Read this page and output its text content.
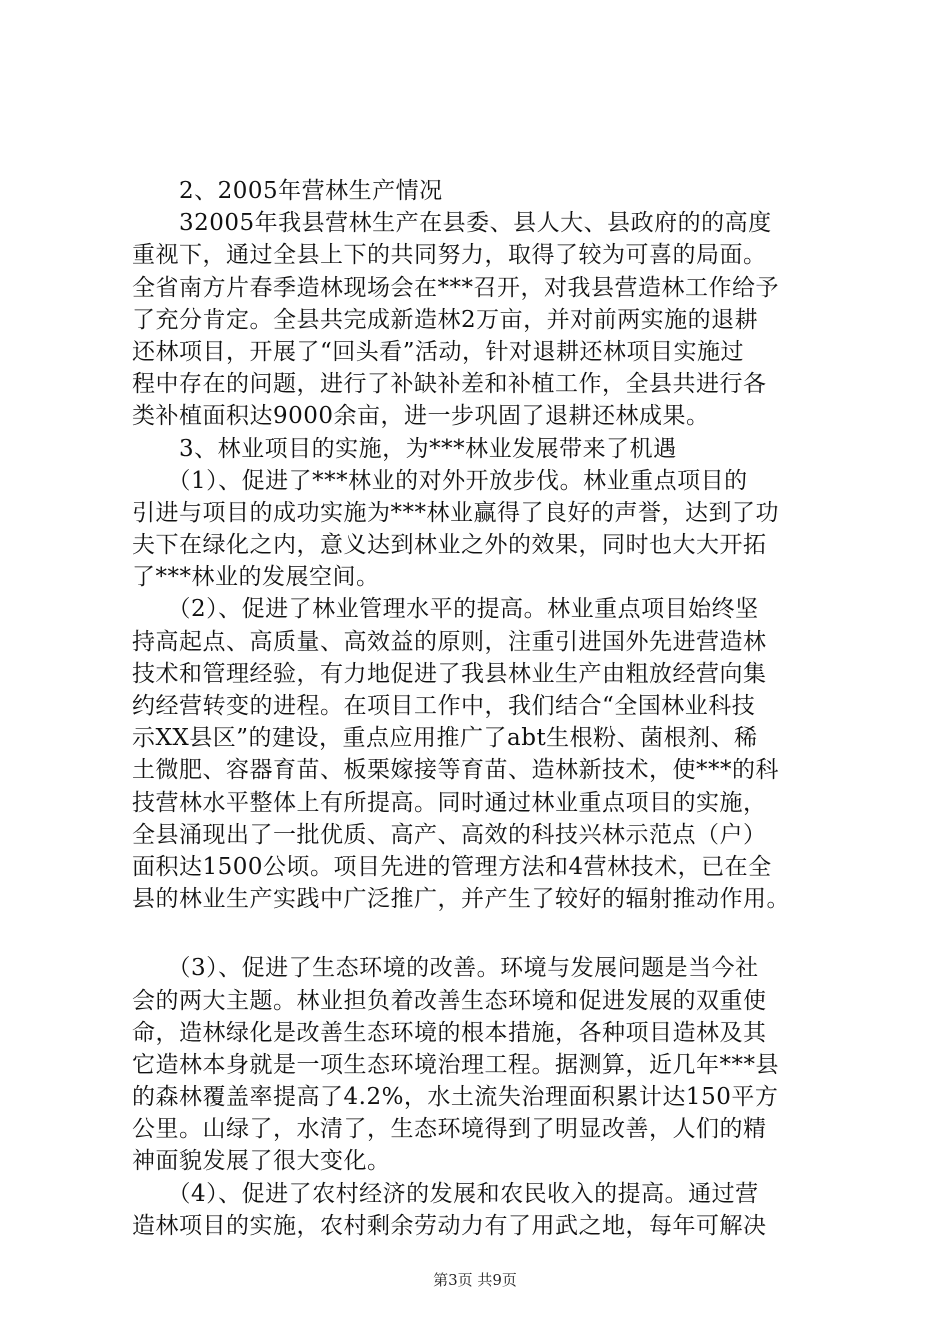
　　2、2005年营林生产情况
　　32005年我县营林生产在县委、县人大、县政府的的高度
重视下，通过全县上下的共同努力，取得了较为可喜的局面。
全省南方片春季造林现场会在***召开，对我县营造林工作给予
了充分肯定。全县共完成新造林2万亩，并对前两实施的退耕
还林项目，开展了“回头看”活动，针对退耕还林项目实施过
程中存在的问题，进行了补缺补差和补植工作，全县共进行各
类补植面积达9000余亩，进一步巩固了退耕还林成果。
　　3、林业项目的实施，为***林业发展带来了机遇
　　（1）、促进了***林业的对外开放步伐。林业重点项目的
引进与项目的成功实施为***林业赢得了良好的声誉，达到了功
夫下在绿化之内，意义达到林业之外的效果，同时也大大开拓
了***林业的发展空间。
　　（2）、促进了林业管理水平的提高。林业重点项目始终坚
持高起点、高质量、高效益的原则，注重引进国外先进营造林
技术和管理经验，有力地促进了我县林业生产由粗放经营向集
约经营转变的进程。在项目工作中，我们结合“全国林业科技
示XX县区”的建设，重点应用推广了abt生根粉、菌根剂、稀
土微肥、容器育苗、板栗嫁接等育苗、造林新技术，使***的科
技营林水平整体上有所提高。同时通过林业重点项目的实施，
全县涌现出了一批优质、高产、高效的科技兴林示范点（户）
面积达1500公顷。项目先进的管理方法和4营林技术，已在全
县的林业生产实践中广泛推广，并产生了较好的辐射推动作用。
　　（3）、促进了生态环境的改善。环境与发展问题是当今社
会的两大主题。林业担负着改善生态环境和促进发展的双重使
命，造林绿化是改善生态环境的根本措施，各种项目造林及其
它造林本身就是一项生态环境治理工程。据测算，近几年***县
的森林覆盖率提高了4.2%，水土流失治理面积累计达150平方
公里。山绿了，水清了，生态环境得到了明显改善，人们的精
神面貌发展了很大变化。
　　（4）、促进了农村经济的发展和农民收入的提高。通过营
造林项目的实施，农村剩余劳动力有了用武之地，每年可解决
第3页 共9页
